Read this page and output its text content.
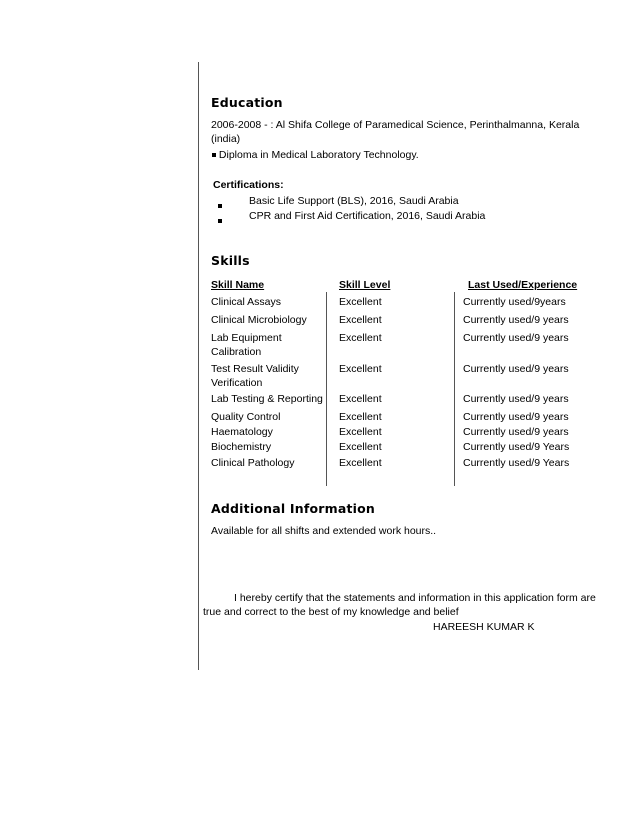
Education
2006-2008 - : Al Shifa College of Paramedical Science, Perinthalmanna, Kerala
(india)
Diploma in Medical Laboratory Technology.
Certifications:
Basic Life Support (BLS), 2016, Saudi Arabia
CPR and First Aid Certification, 2016, Saudi Arabia
Skills
Skill Name	Skill Level	Last Used/Experience
Clinical Assays	Excellent	Currently used/9years
Clinical Microbiology	Excellent	Currently used/9 years
Lab Equipment
Calibration
Excellent	Currently used/9 years
Test Result Validity
Verification
Excellent	Currently used/9 years
Lab Testing & Reporting Excellent	Currently used/9 years
Quality Control	Excellent	Currently used/9 years
Haematology	Excellent	Currently used/9 years
Biochemistry	Excellent	Currently used/9 Years
Clinical Pathology	Excellent	Currently used/9 Years
Additional Information
Available for all shifts and extended work hours..
I hereby certify that the statements and information in this application form are
true and correct to the best of my knowledge and belief
HAREESH KUMAR K
